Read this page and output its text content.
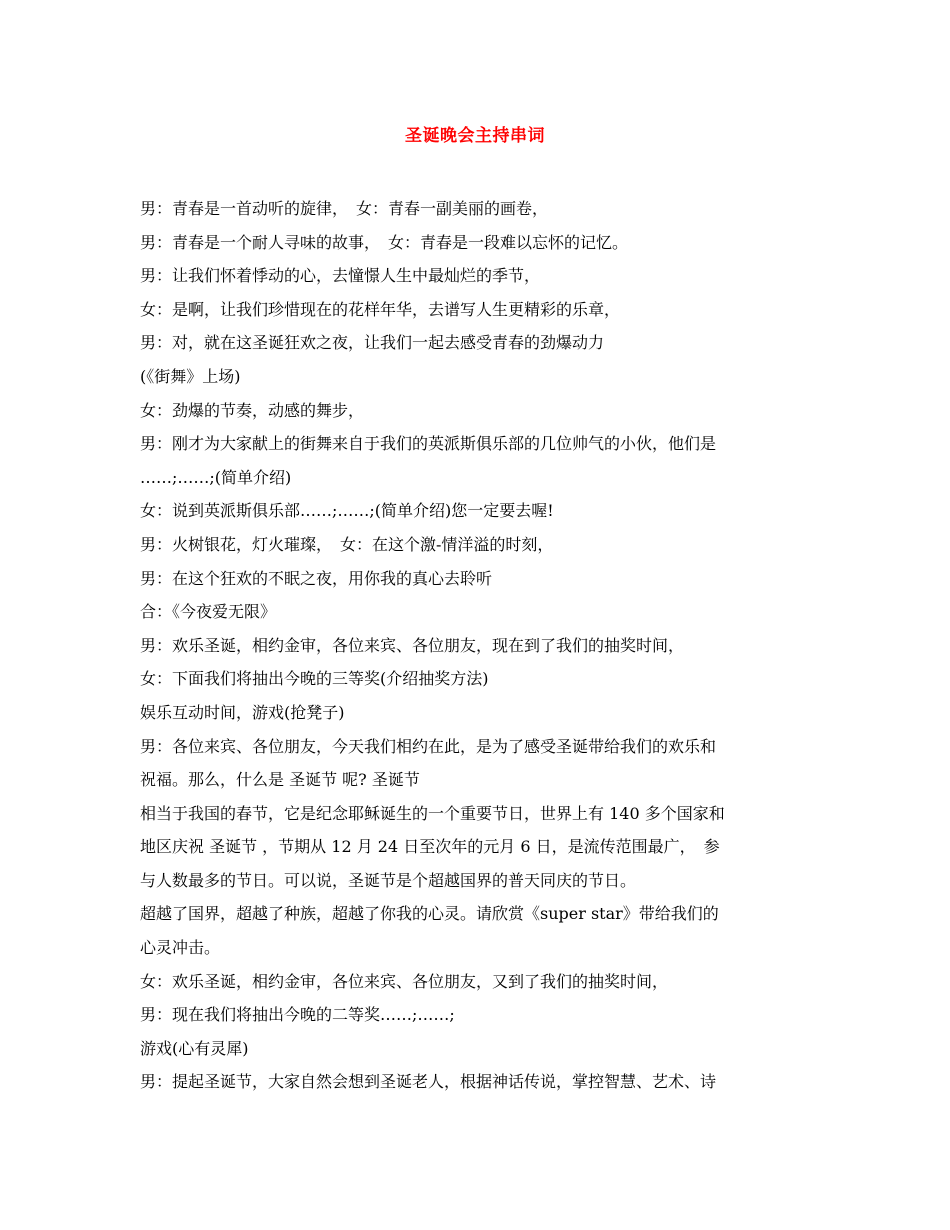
圣诞晚会主持串词
男：青春是一首动听的旋律，　女：青春一副美丽的画卷，
男：青春是一个耐人寻味的故事，　女：青春是一段难以忘怀的记忆。
男：让我们怀着悸动的心，去憧憬人生中最灿烂的季节，
女：是啊，让我们珍惜现在的花样年华，去谱写人生更精彩的乐章，
男：对，就在这圣诞狂欢之夜，让我们一起去感受青春的劲爆动力
(《街舞》上场)
女：劲爆的节奏，动感的舞步，
男：刚才为大家献上的街舞来自于我们的英派斯俱乐部的几位帅气的小伙，他们是
……;……;(简单介绍)
女：说到英派斯俱乐部……;……;(简单介绍)您一定要去喔!
男：火树银花，灯火璀璨，　女：在这个激-情洋溢的时刻，
男：在这个狂欢的不眠之夜，用你我的真心去聆听
合：《今夜爱无限》
男：欢乐圣诞，相约金审，各位来宾、各位朋友，现在到了我们的抽奖时间，
女：下面我们将抽出今晚的三等奖(介绍抽奖方法)
娱乐互动时间，游戏(抢凳子)
男：各位来宾、各位朋友，今天我们相约在此，是为了感受圣诞带给我们的欢乐和
祝福。那么，什么是 圣诞节 呢? 圣诞节
相当于我国的春节，它是纪念耶稣诞生的一个重要节日，世界上有 140 多个国家和
地区庆祝 圣诞节 ，节期从 12 月 24 日至次年的元月 6 日，是流传范围最广，　参
与人数最多的节日。可以说，圣诞节是个超越国界的普天同庆的节日。
超越了国界，超越了种族，超越了你我的心灵。请欣赏《super star》带给我们的
心灵冲击。
女：欢乐圣诞，相约金审，各位来宾、各位朋友，又到了我们的抽奖时间，
男：现在我们将抽出今晚的二等奖……;……;
游戏(心有灵犀)
男：提起圣诞节，大家自然会想到圣诞老人，根据神话传说，掌控智慧、艺术、诗
